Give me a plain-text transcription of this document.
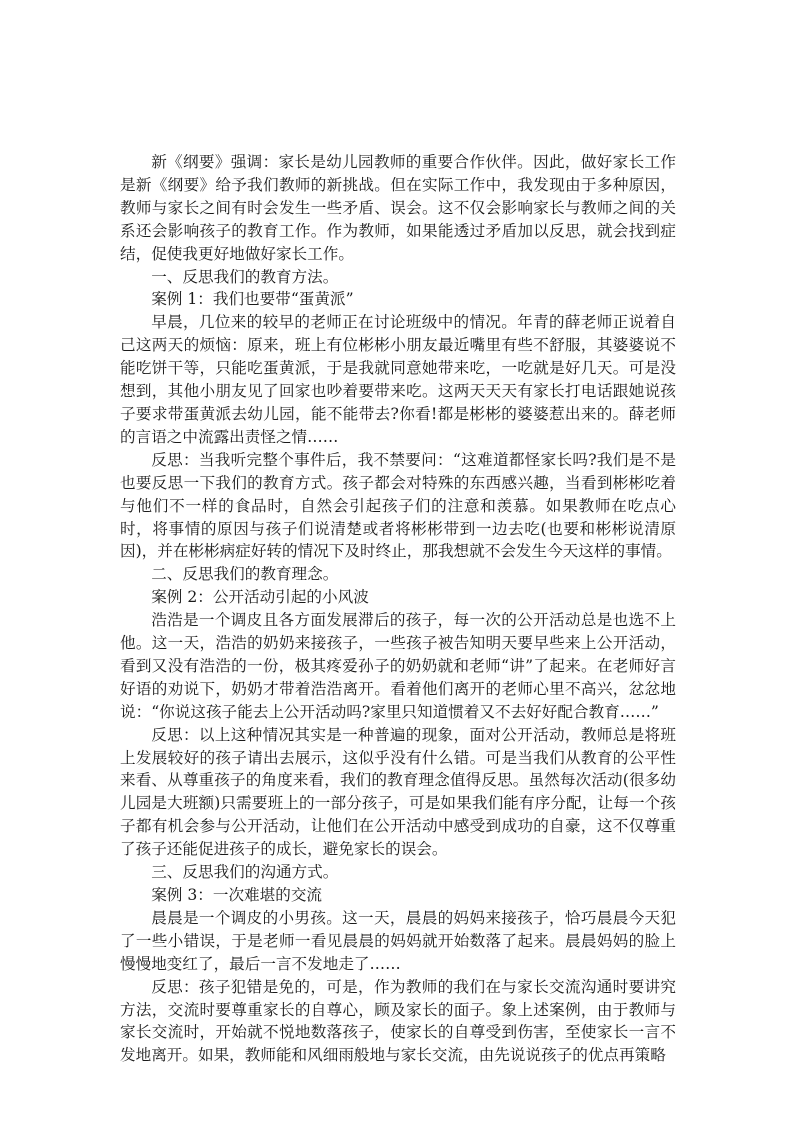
新《纲要》强调：家长是幼儿园教师的重要合作伙伴。因此，做好家长工作是新《纲要》给予我们教师的新挑战。但在实际工作中，我发现由于多种原因，教师与家长之间有时会发生一些矛盾、误会。这不仅会影响家长与教师之间的关系还会影响孩子的教育工作。作为教师，如果能透过矛盾加以反思，就会找到症结，促使我更好地做好家长工作。

一、反思我们的教育方法。

案例 1：我们也要带“蛋黄派”

早晨，几位来的较早的老师正在讨论班级中的情况。年青的薛老师正说着自己这两天的烦恼：原来，班上有位彬彬小朋友最近嘴里有些不舒服，其婆婆说不能吃饼干等，只能吃蛋黄派，于是我就同意她带来吃，一吃就是好几天。可是没想到，其他小朋友见了回家也吵着要带来吃。这两天天天有家长打电话跟她说孩子要求带蛋黄派去幼儿园，能不能带去?你看!都是彬彬的婆婆惹出来的。薛老师的言语之中流露出责怪之情……

反思：当我听完整个事件后，我不禁要问：“这难道都怪家长吗?我们是不是也要反思一下我们的教育方式。孩子都会对特殊的东西感兴趣，当看到彬彬吃着与他们不一样的食品时，自然会引起孩子们的注意和羡慕。如果教师在吃点心时，将事情的原因与孩子们说清楚或者将彬彬带到一边去吃(也要和彬彬说清原因)，并在彬彬病症好转的情况下及时终止，那我想就不会发生今天这样的事情。

二、反思我们的教育理念。

案例 2：公开活动引起的小风波

浩浩是一个调皮且各方面发展滞后的孩子，每一次的公开活动总是也选不上他。这一天，浩浩的奶奶来接孩子，一些孩子被告知明天要早些来上公开活动，看到又没有浩浩的一份，极其疼爱孙子的奶奶就和老师“讲”了起来。在老师好言好语的劝说下，奶奶才带着浩浩离开。看着他们离开的老师心里不高兴，忿忿地说：“你说这孩子能去上公开活动吗?家里只知道惯着又不去好好配合教育……”

反思：以上这种情况其实是一种普遍的现象，面对公开活动，教师总是将班上发展较好的孩子请出去展示，这似乎没有什么错。可是当我们从教育的公平性来看、从尊重孩子的角度来看，我们的教育理念值得反思。虽然每次活动(很多幼儿园是大班额)只需要班上的一部分孩子，可是如果我们能有序分配，让每一个孩子都有机会参与公开活动，让他们在公开活动中感受到成功的自豪，这不仅尊重了孩子还能促进孩子的成长，避免家长的误会。

三、反思我们的沟通方式。

案例 3：一次难堪的交流

晨晨是一个调皮的小男孩。这一天，晨晨的妈妈来接孩子，恰巧晨晨今天犯了一些小错误，于是老师一看见晨晨的妈妈就开始数落了起来。晨晨妈妈的脸上慢慢地变红了，最后一言不发地走了……

反思：孩子犯错是免的，可是，作为教师的我们在与家长交流沟通时要讲究方法，交流时要尊重家长的自尊心，顾及家长的面子。象上述案例，由于教师与家长交流时，开始就不悦地数落孩子，使家长的自尊受到伤害，至使家长一言不发地离开。如果，教师能和风细雨般地与家长交流，由先说说孩子的优点再策略
